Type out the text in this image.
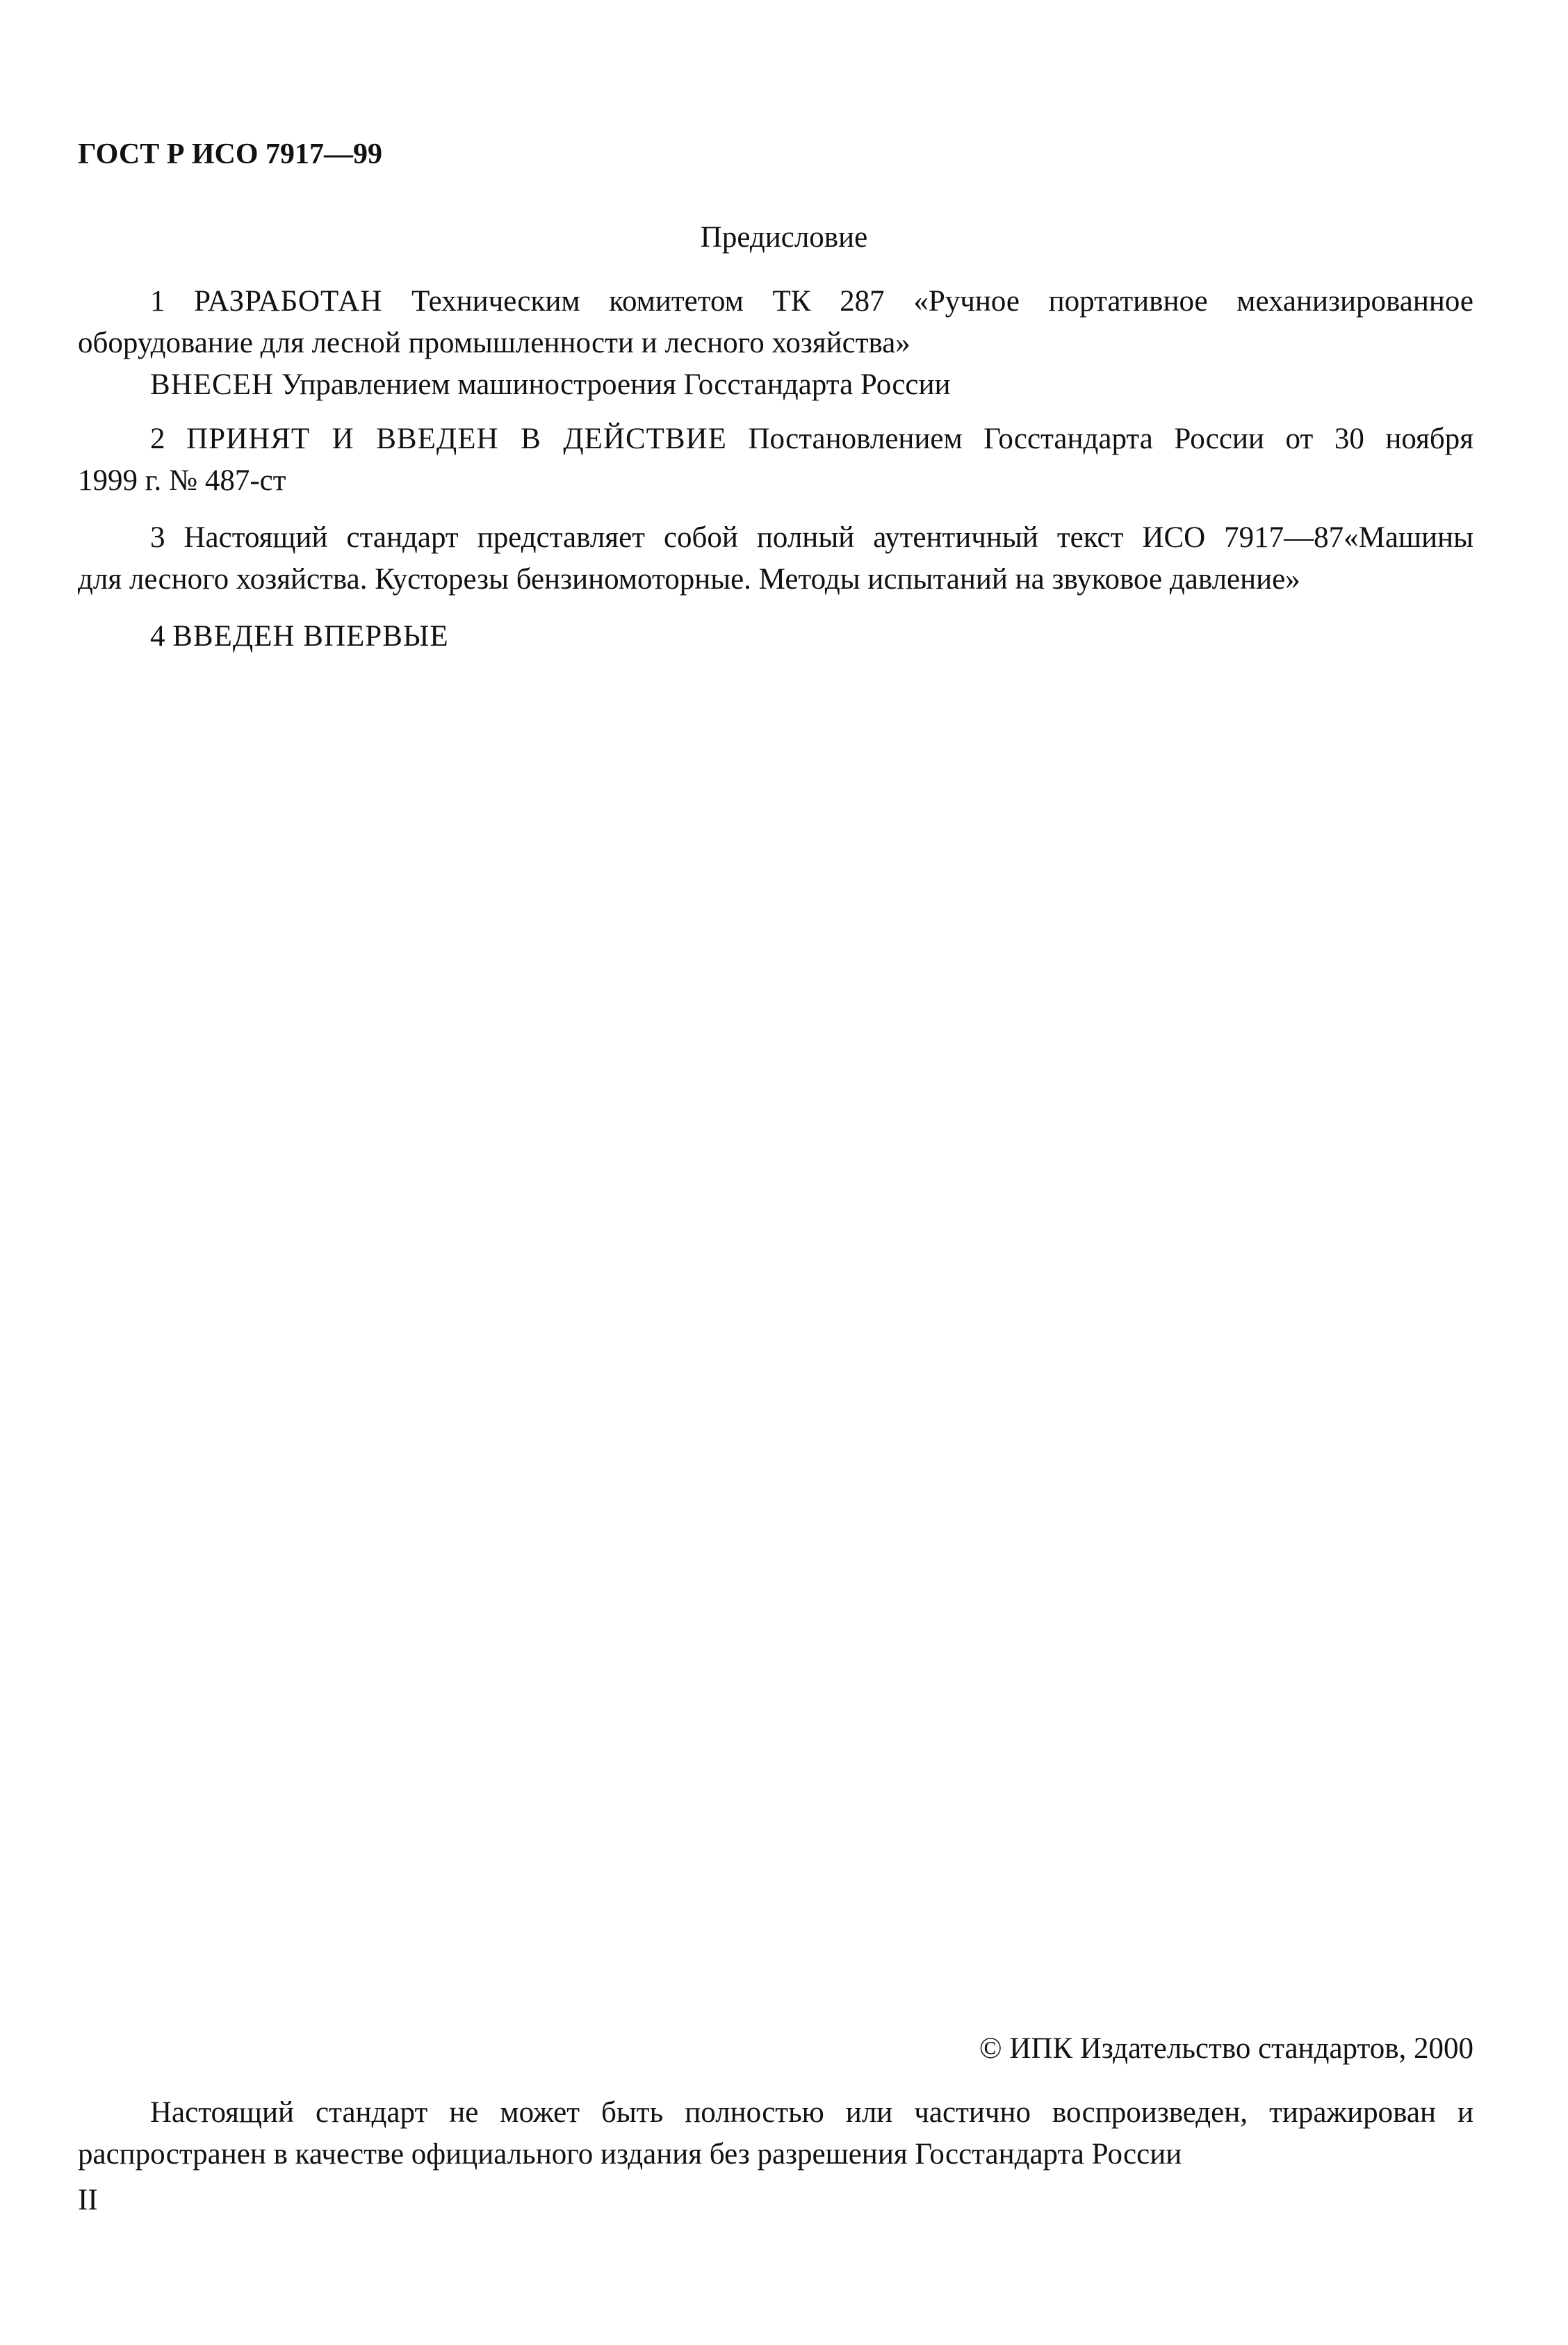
ГОСТ Р ИСО 7917—99
Предисловие
1 РАЗРАБОТАН Техническим комитетом ТК 287 «Ручное портативное механизированное
оборудование для лесной промышленности и лесного хозяйства»
ВНЕСЕН Управлением машиностроения Госстандарта России
2 ПРИНЯТ И ВВЕДЕН В ДЕЙСТВИЕ Постановлением Госстандарта России от 30 ноября
1999 г. № 487-ст
3 Настоящий стандарт представляет собой полный аутентичный текст ИСО 7917—87«Машины
для лесного хозяйства. Кусторезы бензиномоторные. Методы испытаний на звуковое давление»
4 ВВЕДЕН ВПЕРВЫЕ
© ИПК Издательство стандартов, 2000
Настоящий стандарт не может быть полностью или частично воспроизведен, тиражирован и
распространен в качестве официального издания без разрешения Госстандарта России
II
